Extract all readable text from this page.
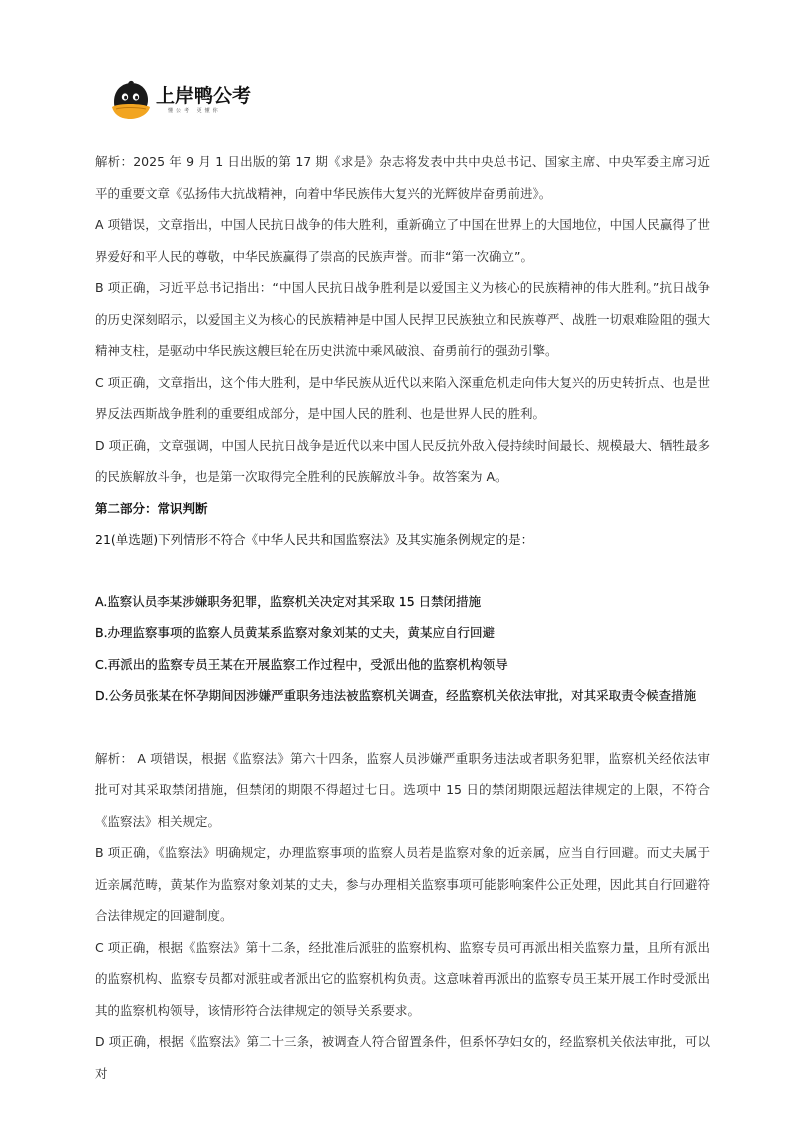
上岸鸭公考
懂公考 更懂你

解析：2025 年 9 月 1 日出版的第 17 期《求是》杂志将发表中共中央总书记、国家主席、中央军委主席习近平的重要文章《弘扬伟大抗战精神，向着中华民族伟大复兴的光辉彼岸奋勇前进》。

A 项错误，文章指出，中国人民抗日战争的伟大胜利，重新确立了中国在世界上的大国地位，中国人民赢得了世界爱好和平人民的尊敬，中华民族赢得了崇高的民族声誉。而非“第一次确立”。

B 项正确，习近平总书记指出：“中国人民抗日战争胜利是以爱国主义为核心的民族精神的伟大胜利。”抗日战争的历史深刻昭示，以爱国主义为核心的民族精神是中国人民捍卫民族独立和民族尊严、战胜一切艰难险阻的强大精神支柱，是驱动中华民族这艘巨轮在历史洪流中乘风破浪、奋勇前行的强劲引擎。

C 项正确，文章指出，这个伟大胜利，是中华民族从近代以来陷入深重危机走向伟大复兴的历史转折点、也是世界反法西斯战争胜利的重要组成部分，是中国人民的胜利、也是世界人民的胜利。

D 项正确，文章强调，中国人民抗日战争是近代以来中国人民反抗外敌入侵持续时间最长、规模最大、牺牲最多的民族解放斗争，也是第一次取得完全胜利的民族解放斗争。故答案为 A。

第二部分：常识判断

21(单选题)下列情形不符合《中华人民共和国监察法》及其实施条例规定的是：

A.监察认员李某涉嫌职务犯罪，监察机关决定对其采取 15 日禁闭措施

B.办理监察事项的监察人员黄某系监察对象刘某的丈夫，黄某应自行回避

C.再派出的监察专员王某在开展监察工作过程中，受派出他的监察机构领导

D.公务员张某在怀孕期间因涉嫌严重职务违法被监察机关调查，经监察机关依法审批，对其采取责令候查措施

解析： A 项错误，根据《监察法》第六十四条，监察人员涉嫌严重职务违法或者职务犯罪，监察机关经依法审批可对其采取禁闭措施，但禁闭的期限不得超过七日。选项中 15 日的禁闭期限远超法律规定的上限，不符合《监察法》相关规定。

B 项正确，《监察法》明确规定，办理监察事项的监察人员若是监察对象的近亲属，应当自行回避。而丈夫属于近亲属范畴，黄某作为监察对象刘某的丈夫，参与办理相关监察事项可能影响案件公正处理，因此其自行回避符合法律规定的回避制度。

C 项正确，根据《监察法》第十二条，经批准后派驻的监察机构、监察专员可再派出相关监察力量，且所有派出的监察机构、监察专员都对派驻或者派出它的监察机构负责。这意味着再派出的监察专员王某开展工作时受派出其的监察机构领导，该情形符合法律规定的领导关系要求。

D 项正确，根据《监察法》第二十三条，被调查人符合留置条件，但系怀孕妇女的，经监察机关依法审批，可以对
